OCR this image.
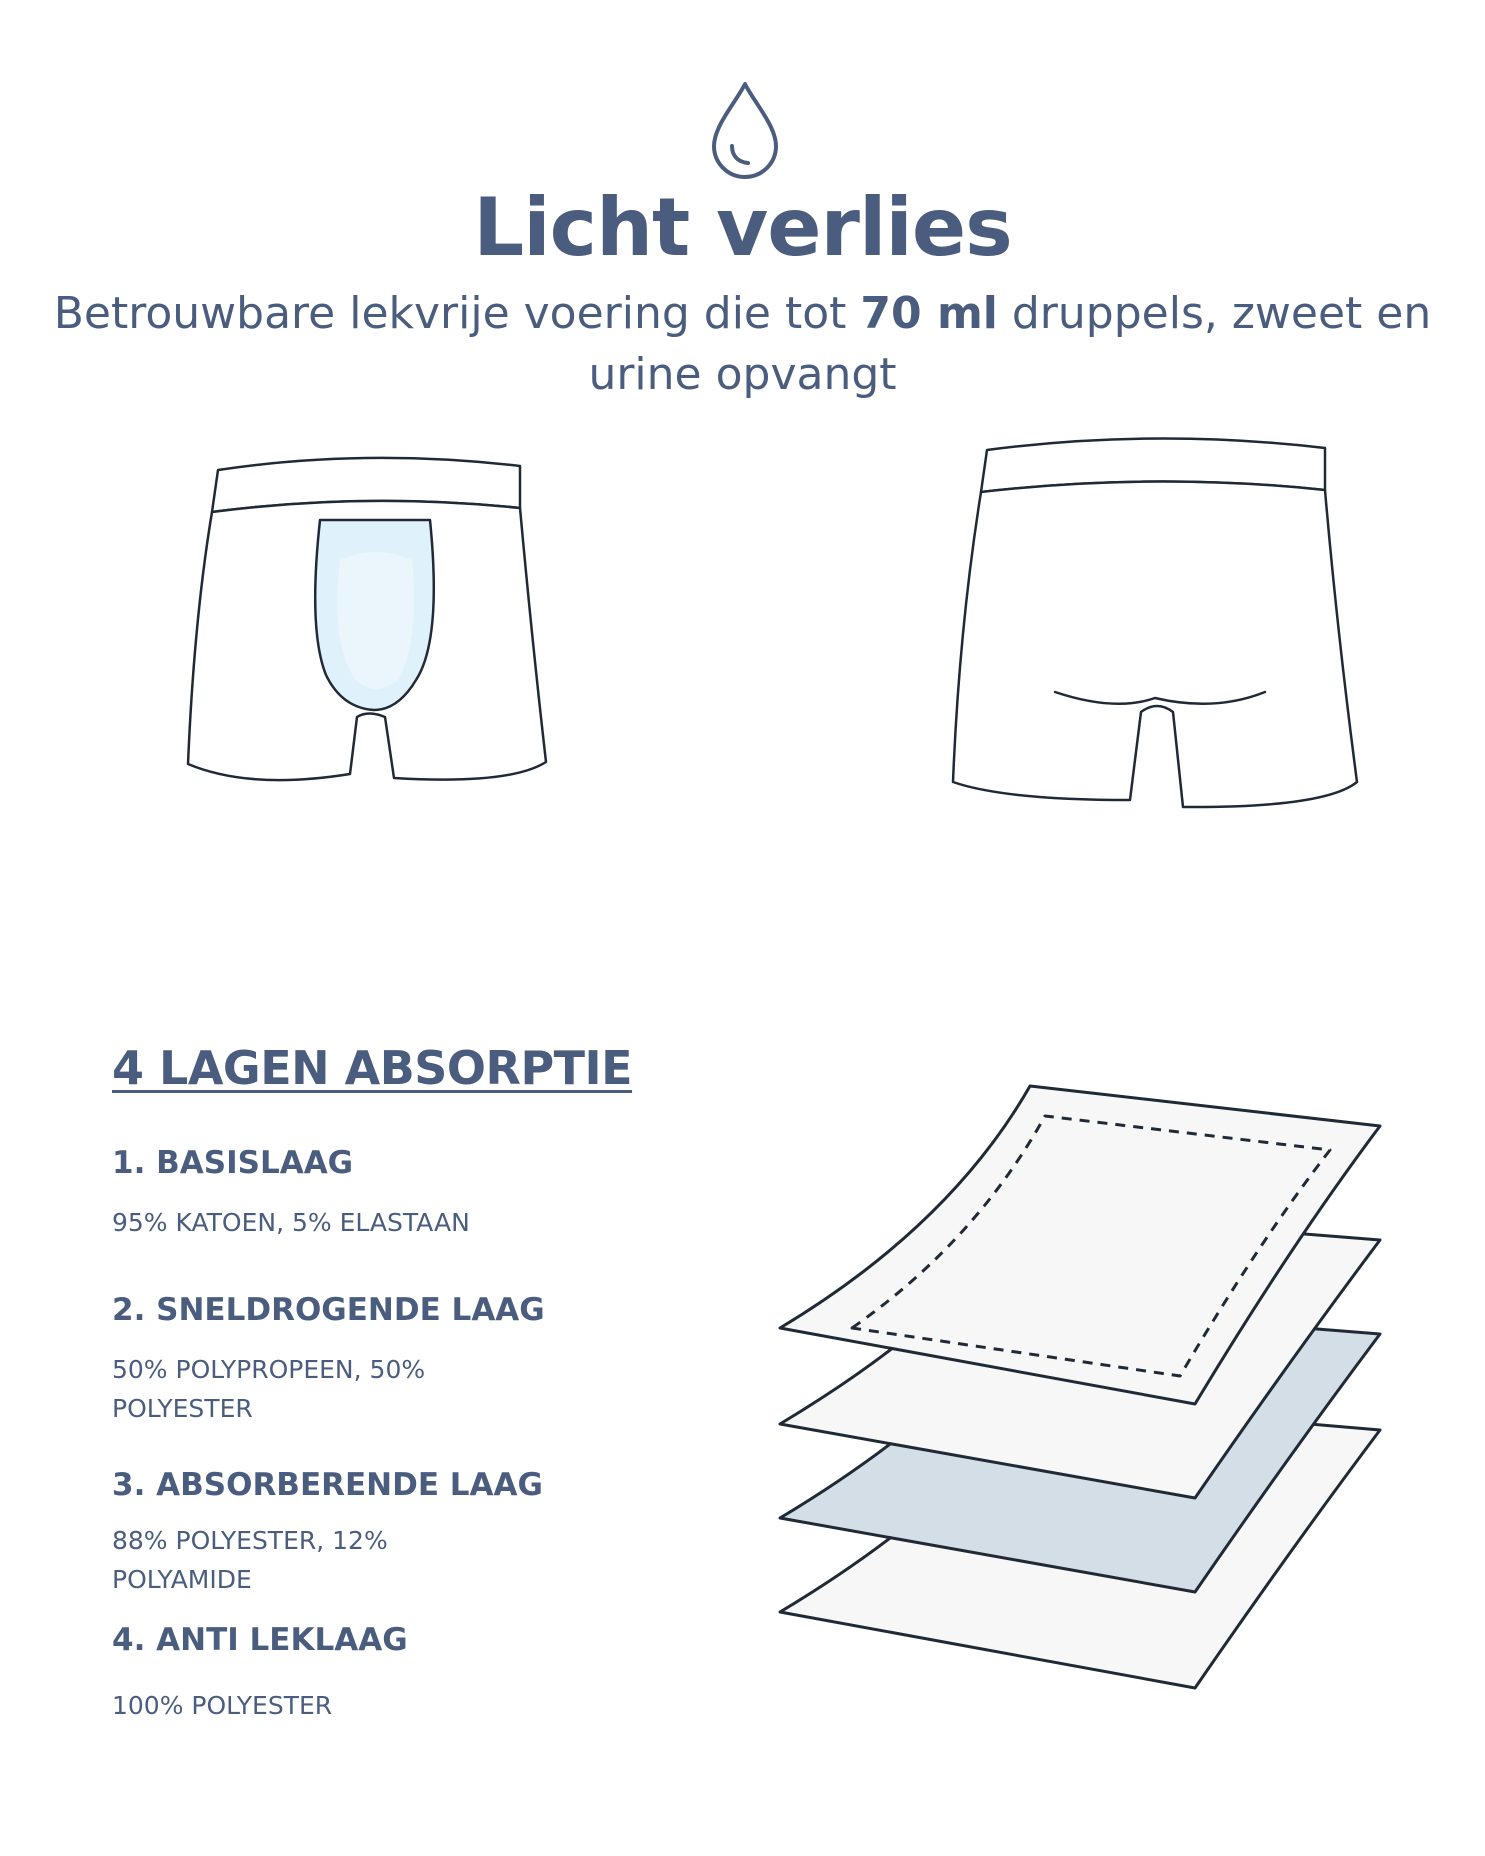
Licht verlies
Betrouwbare lekvrije voering die tot 70 ml druppels, zweet en urine opvangt
4 LAGEN ABSORPTIE
1. BASISLAAG
95% KATOEN, 5% ELASTAAN
2. SNELDROGENDE LAAG
50% POLYPROPEEN, 50% POLYESTER
3. ABSORBERENDE LAAG
88% POLYESTER, 12% POLYAMIDE
4. ANTI LEKLAAG
100% POLYESTER
